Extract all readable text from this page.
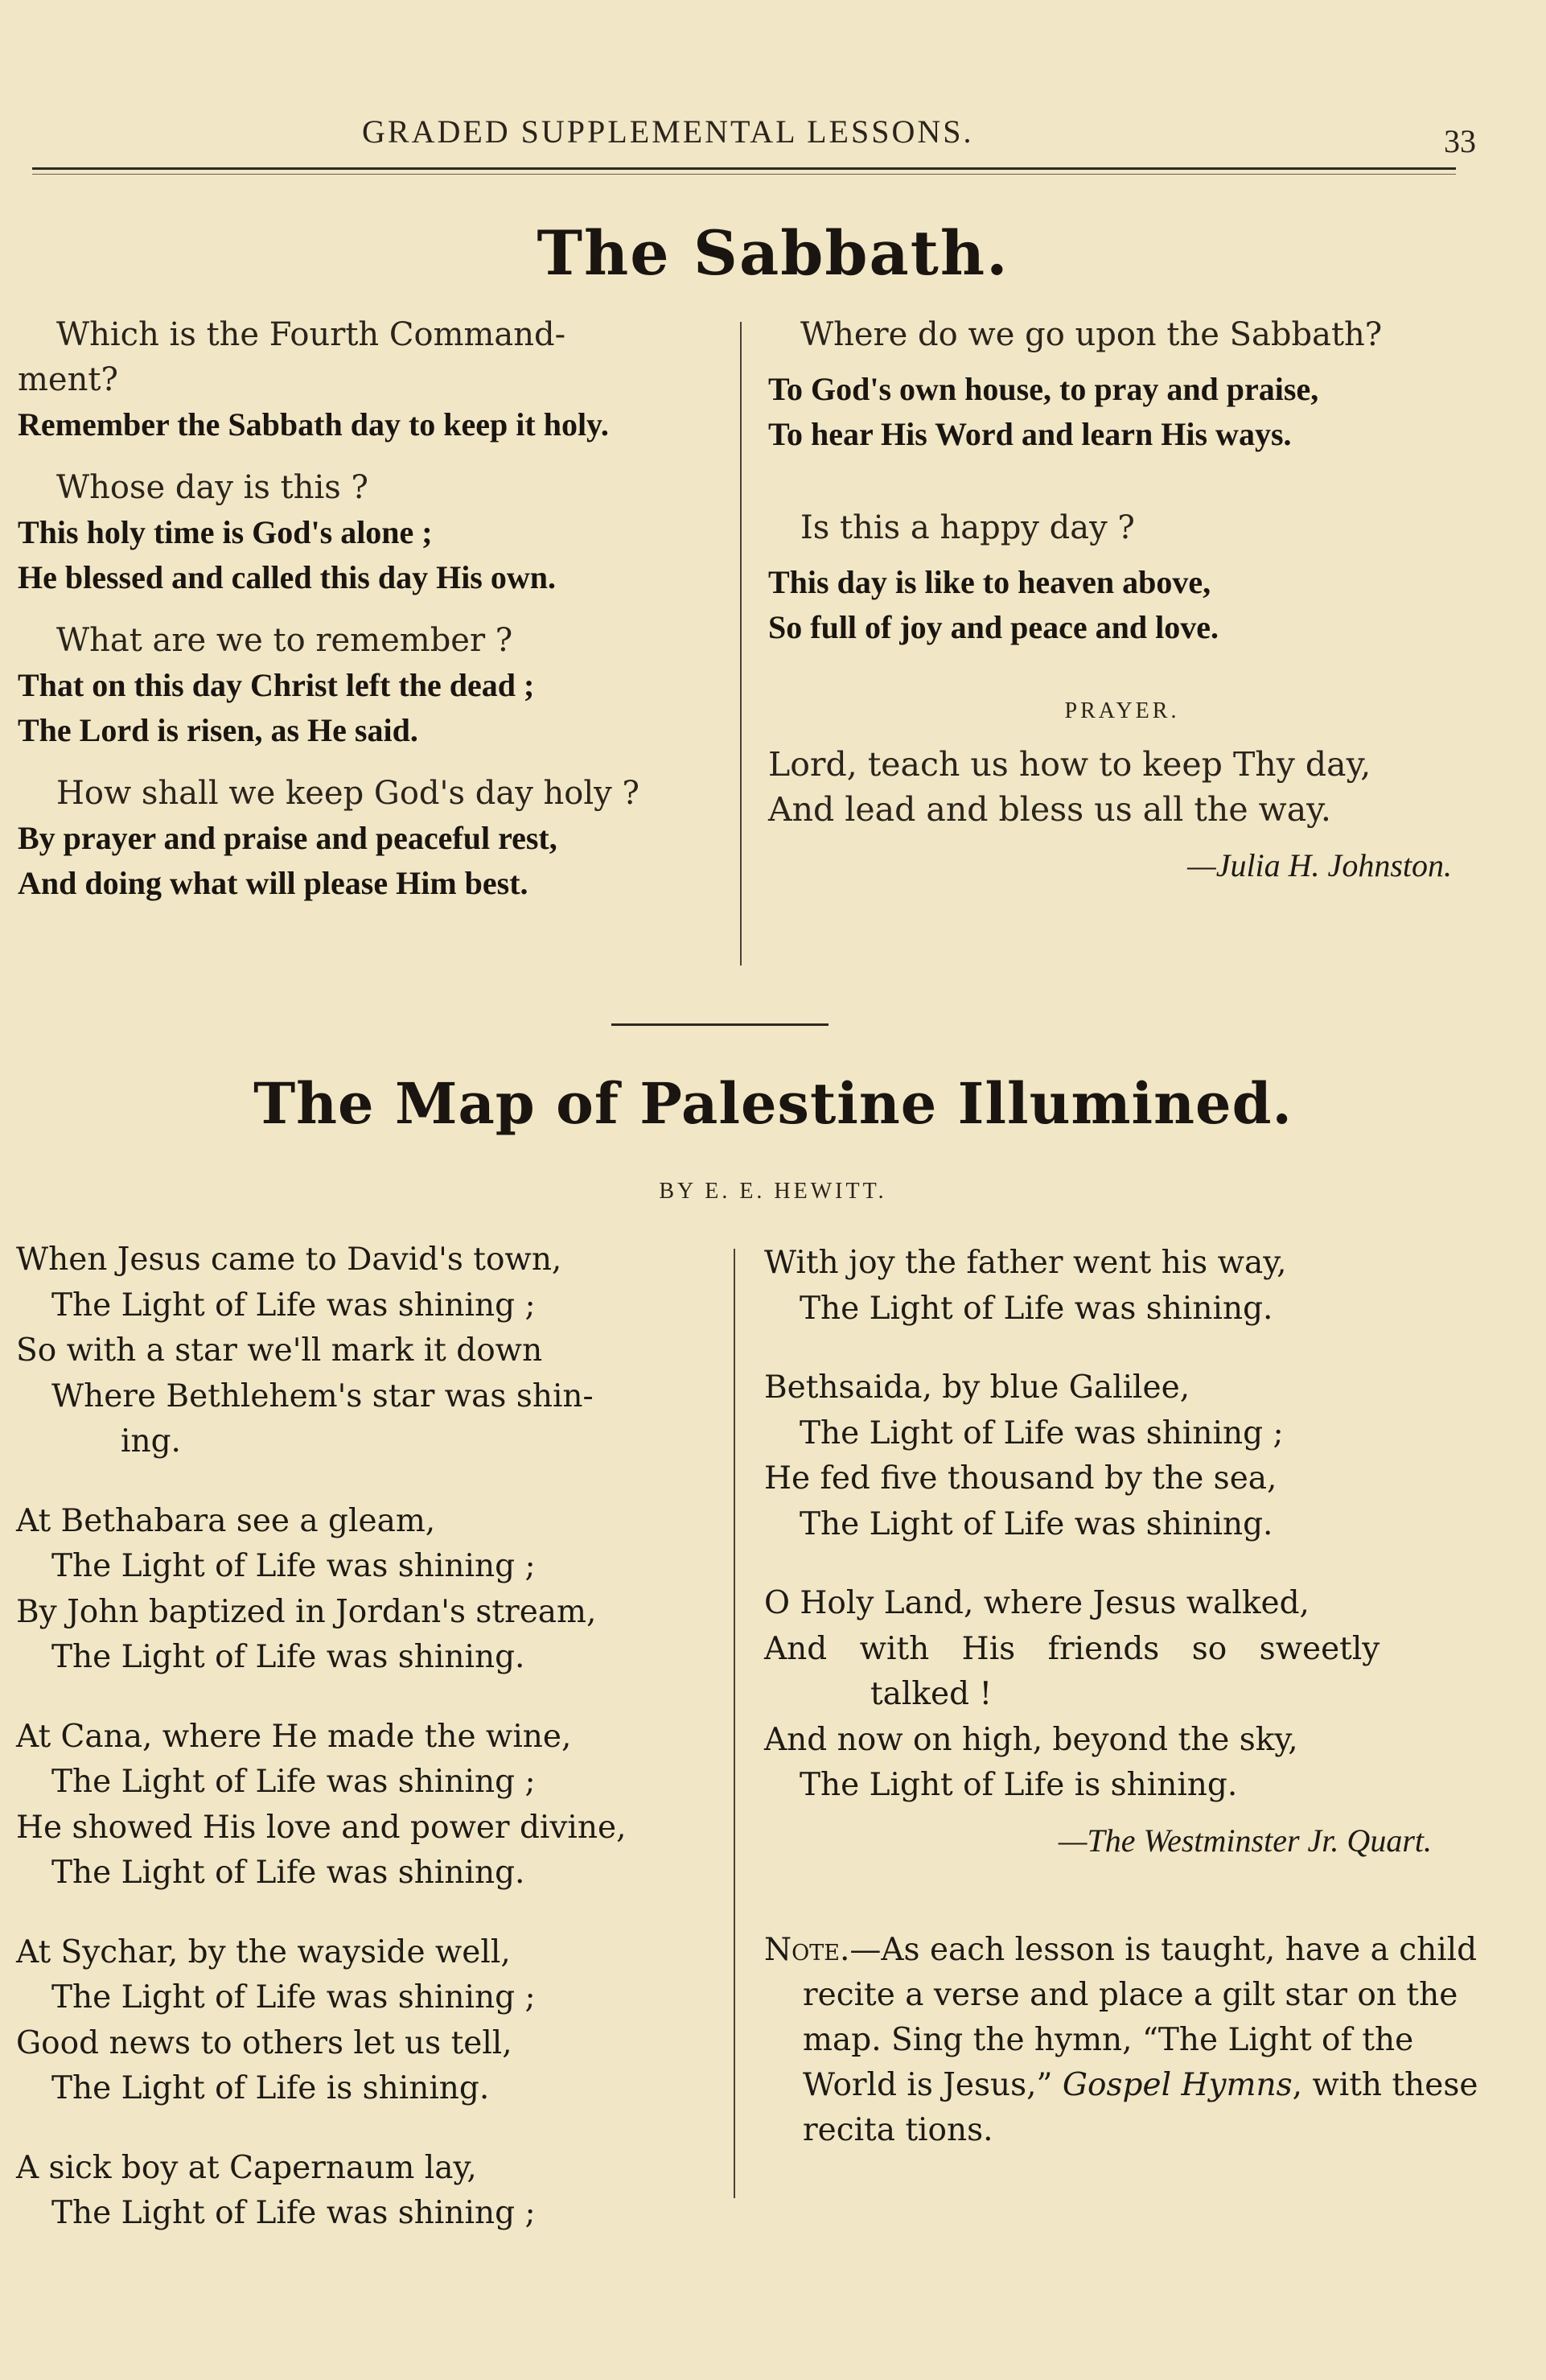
GRADED SUPPLEMENTAL LESSONS.	33
The Sabbath.
Which is the Fourth Command-
ment?
Remember the Sabbath day to keep it holy.
Whose day is this ?
This holy time is God's alone ;
He blessed and called this day His own.
What are we to remember ?
That on this day Christ left the dead ;
The Lord is risen, as He said.
How shall we keep God's day holy ?
By prayer and praise and peaceful rest,
And doing what will please Him best.
Where do we go upon the Sabbath?
To God's own house, to pray and praise,
To hear His Word and learn His ways.
Is this a happy day ?
This day is like to heaven above,
So full of joy and peace and love.
PRAYER.
Lord, teach us how to keep Thy day,
And lead and bless us all the way.
—Julia H. Johnston.
The Map of Palestine Illumined.
BY E. E. HEWITT.
When Jesus came to David's town,
The Light of Life was shining ;
So with a star we'll mark it down
Where Bethlehem's star was shin-
ing.
At Bethabara see a gleam,
The Light of Life was shining ;
By John baptized in Jordan's stream,
The Light of Life was shining.
At Cana, where He made the wine,
The Light of Life was shining ;
He showed His love and power divine,
The Light of Life was shining.
At Sychar, by the wayside well,
The Light of Life was shining ;
Good news to others let us tell,
The Light of Life is shining.
A sick boy at Capernaum lay,
The Light of Life was shining ;
With joy the father went his way,
The Light of Life was shining.
Bethsaida, by blue Galilee,
The Light of Life was shining ;
He fed five thousand by the sea,
The Light of Life was shining.
O Holy Land, where Jesus walked,
And with His friends so sweetly
talked !
And now on high, beyond the sky,
The Light of Life is shining.
—The Westminster Jr. Quart.
Note.—As each lesson is taught, have a child recite a verse and place a gilt star on the map. Sing the hymn, “The Light of the World is Jesus,” Gospel Hymns, with these recita tions.
